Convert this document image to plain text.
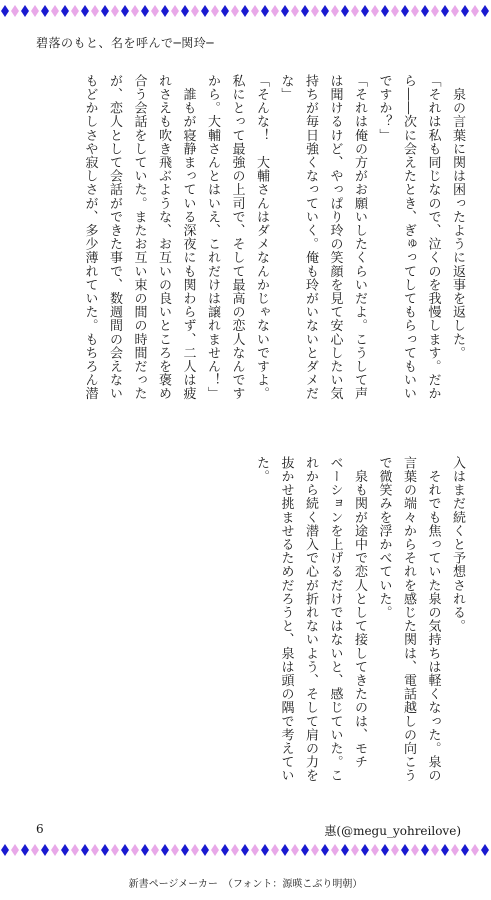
碧落のもと、名を呼んで─関玲─
　泉の言葉に関は困ったように返事を返した。
「それは私も同じなので、泣くのを我慢します。だか
ら――次に会えたとき、ぎゅってしてもらってもいい
ですか？」
「それは俺の方がお願いしたくらいだよ。こうして声
は聞けるけど、やっぱり玲の笑顔を見て安心したい気
持ちが毎日強くなっていく。俺も玲がいないとダメだ
な」
「そんな！　大輔さんはダメなんかじゃないですよ。
私にとって最強の上司で、そして最高の恋人なんです
から。大輔さんとはいえ、これだけは譲れません！」
　誰もが寝静まっている深夜にも関わらず、二人は疲
れさえも吹き飛ぶような、お互いの良いところを褒め
合う会話をしていた。またお互い束の間の時間だった
が、恋人として会話ができた事で、数週間の会えない
もどかしさや寂しさが、多少薄れていた。もちろん潜
入はまだ続くと予想される。
　それでも焦っていた泉の気持ちは軽くなった。泉の
言葉の端々からそれを感じた関は、電話越しの向こう
で微笑みを浮かべていた。
　泉も関が途中で恋人として接してきたのは、モチ
ベーションを上げるだけではないと、感じていた。こ
れから続く潜入で心が折れないよう、そして肩の力を
抜かせ挑ませるためだろうと、泉は頭の隅で考えてい
た。
6	惠(@megu_yohreilove)
新書ページメーカー　（フォント：源暎こぶり明朝）
